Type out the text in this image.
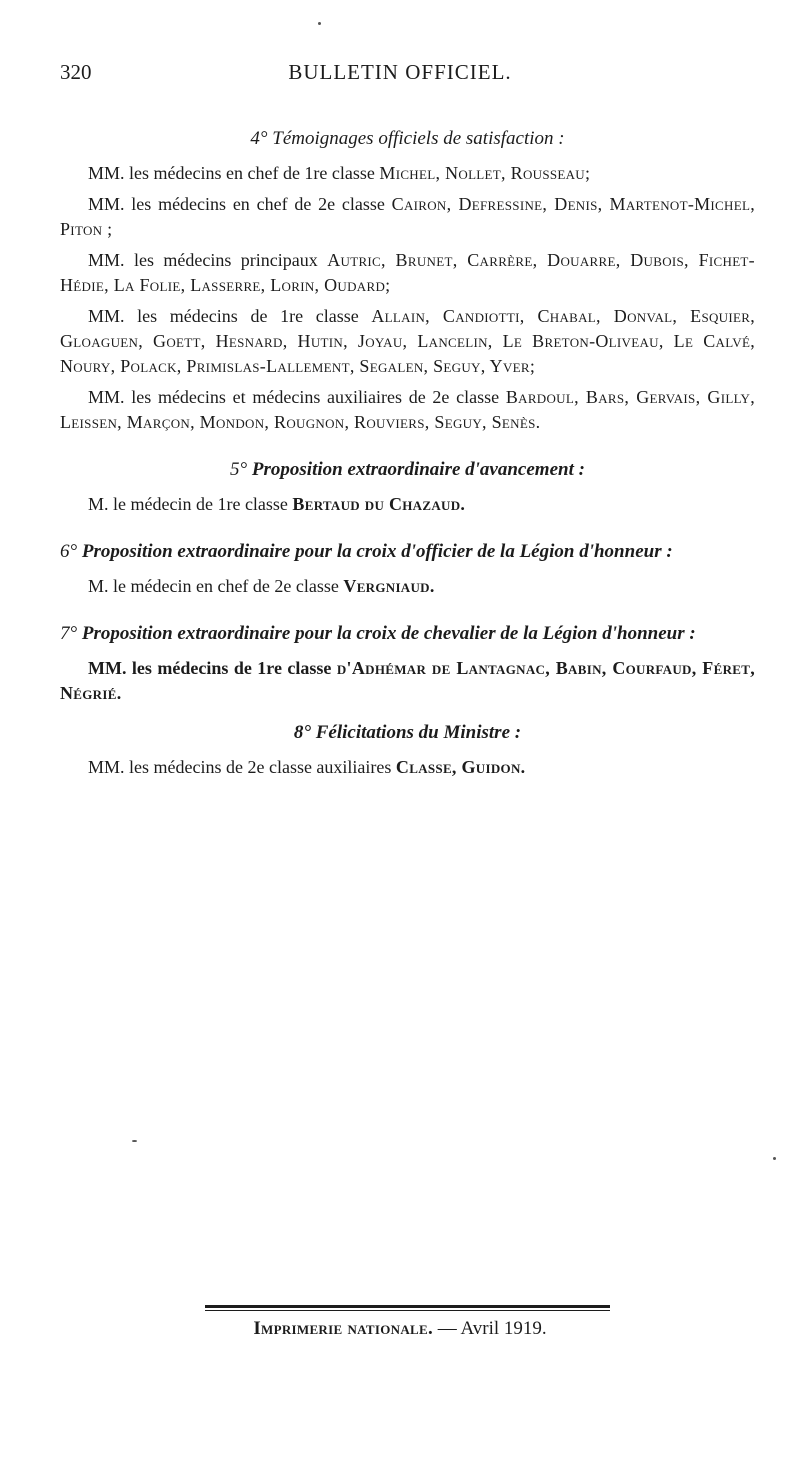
320	BULLETIN OFFICIEL.
4° Témoignages officiels de satisfaction :

MM. les médecins en chef de 1re classe Michel, Nollet, Rousseau;

MM. les médecins en chef de 2e classe Cairon, Defressine, Denis, Martenot-Michel, Piton ;

MM. les médecins principaux Autric, Brunet, Carrère, Douarre, Dubois, Fichet-Hédie, La Folie, Lasserre, Lorin, Oudard;

MM. les médecins de 1re classe Allain, Candiotti, Chabal, Donval, Esquier, Gloaguen, Goett, Hesnard, Hutin, Joyau, Lancelin, Le Breton-Oliveau, Le Calvé, Noury, Polack, Primislas-Lallement, Segalen, Seguy, Yver;

MM. les médecins et médecins auxiliaires de 2e classe Bardoul, Bars, Gervais, Gilly, Leissen, Marçon, Mondon, Rougnon, Rouviers, Seguy, Senès.

5° Proposition extraordinaire d'avancement :

M. le médecin de 1re classe Bertaud du Chazaud.

6° Proposition extraordinaire pour la croix d'officier de la Légion d'honneur :

M. le médecin en chef de 2e classe Vergniaud.

7° Proposition extraordinaire pour la croix de chevalier de la Légion d'honneur :

MM. les médecins de 1re classe d'Adhémar de Lantagnac, Babin, Courfaud, Féret, Négrié.

8° Félicitations du Ministre :

MM. les médecins de 2e classe auxiliaires Classe, Guidon.

Imprimerie nationale. — Avril 1919.
